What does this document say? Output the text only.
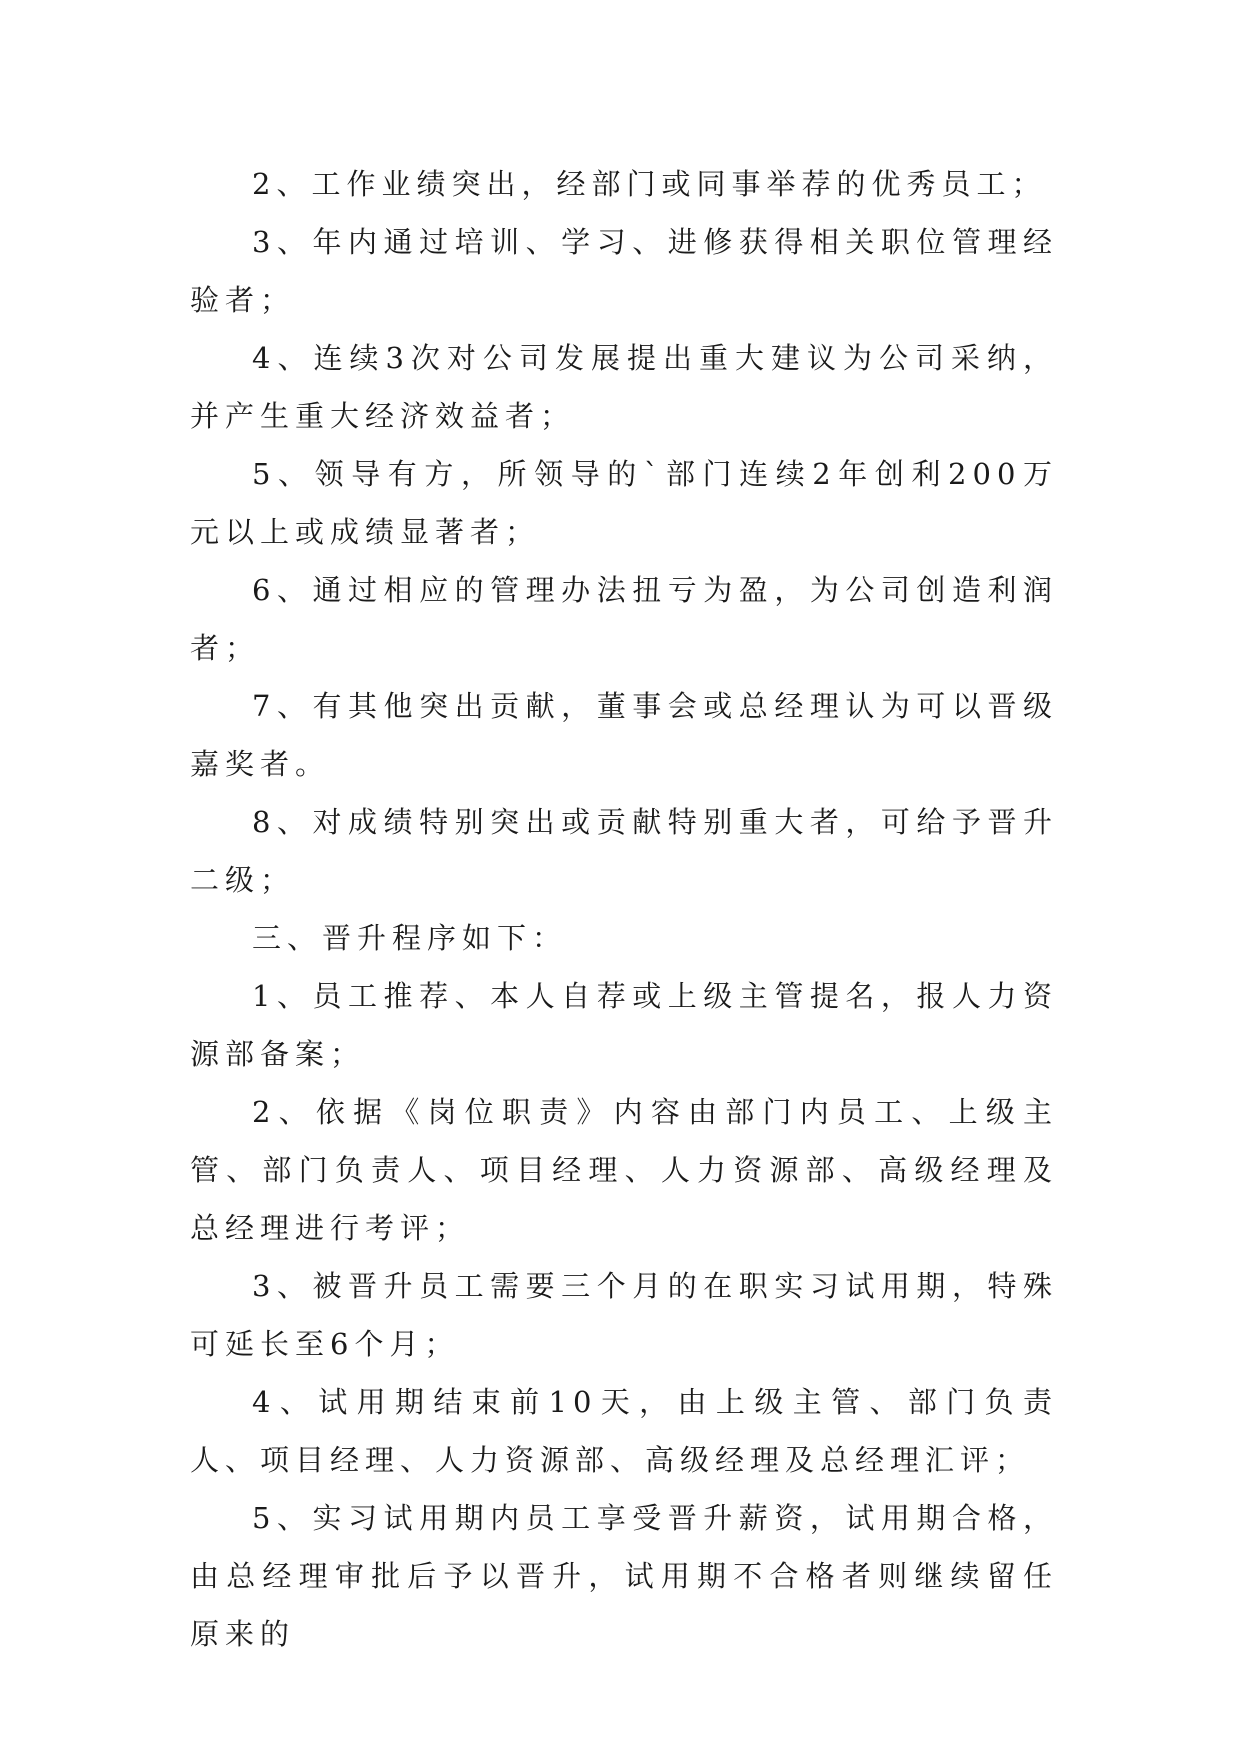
2、工作业绩突出，经部门或同事举荐的优秀员工；

3、年内通过培训、学习、进修获得相关职位管理经验者；

4、连续3次对公司发展提出重大建议为公司采纳，并产生重大经济效益者；

5、领导有方，所领导的`部门连续2年创利200万元以上或成绩显著者；

6、通过相应的管理办法扭亏为盈，为公司创造利润者；

7、有其他突出贡献，董事会或总经理认为可以晋级嘉奖者。

8、对成绩特别突出或贡献特别重大者，可给予晋升二级；

三、晋升程序如下：

1、员工推荐、本人自荐或上级主管提名，报人力资源部备案；

2、依据《岗位职责》内容由部门内员工、上级主管、部门负责人、项目经理、人力资源部、高级经理及总经理进行考评；

3、被晋升员工需要三个月的在职实习试用期，特殊可延长至6个月；

4、试用期结束前10天，由上级主管、部门负责人、项目经理、人力资源部、高级经理及总经理汇评；

5、实习试用期内员工享受晋升薪资，试用期合格，由总经理审批后予以晋升，试用期不合格者则继续留任原来的
